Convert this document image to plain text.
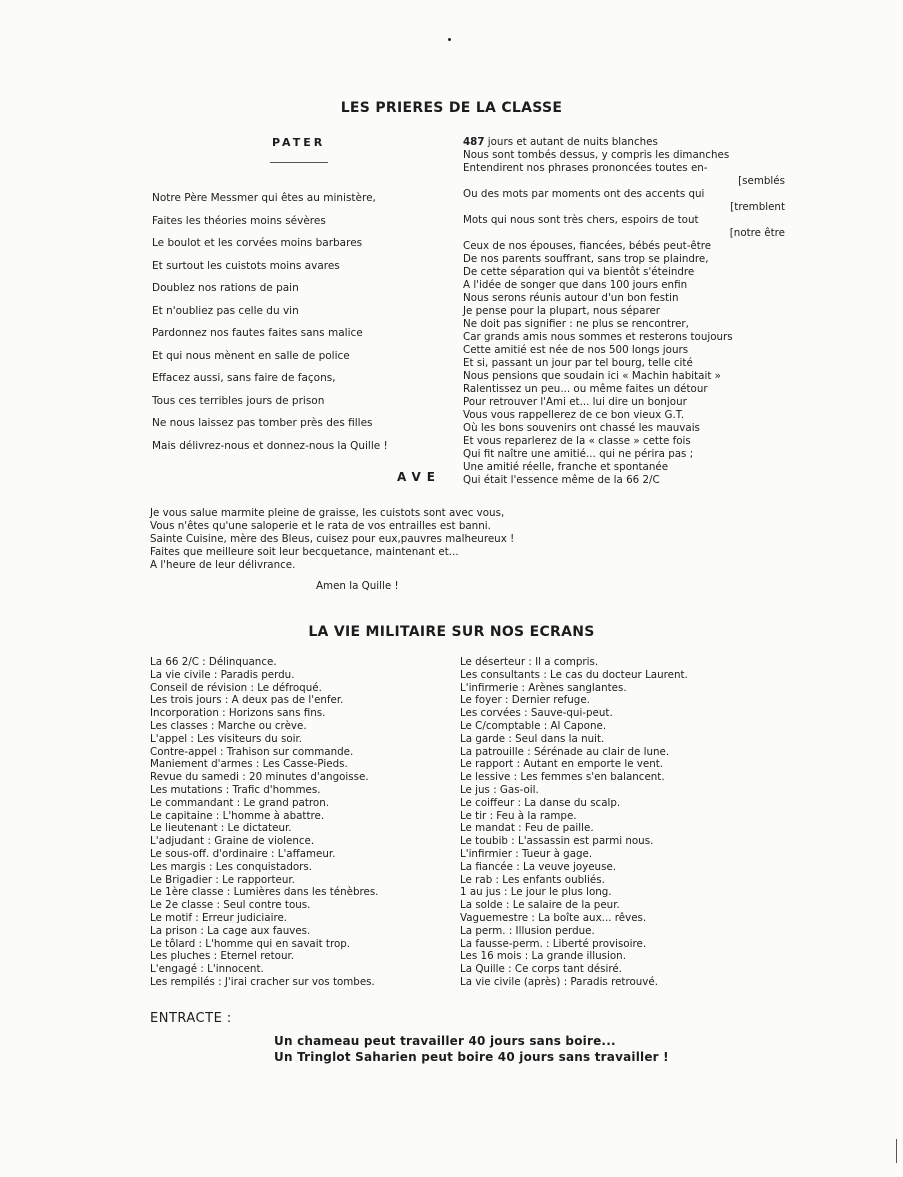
LES PRIERES DE LA CLASSE
PATER
Notre Père Messmer qui êtes au ministère,
Faites les théories moins sévères
Le boulot et les corvées moins barbares
Et surtout les cuistots moins avares
Doublez nos rations de pain
Et n'oubliez pas celle du vin
Pardonnez nos fautes faites sans malice
Et qui nous mènent en salle de police
Effacez aussi, sans faire de façons,
Tous ces terribles jours de prison
Ne nous laissez pas tomber près des filles
Mais délivrez-nous et donnez-nous la Quille !
487 jours et autant de nuits blanches
Nous sont tombés dessus, y compris les dimanches
Entendirent nos phrases prononcées toutes en-
[semblés
Ou des mots par moments ont des accents qui
[tremblent
Mots qui nous sont très chers, espoirs de tout
[notre être
Ceux de nos épouses, fiancées, bébés peut-être
De nos parents souffrant, sans trop se plaindre,
De cette séparation qui va bientôt s'éteindre
A l'idée de songer que dans 100 jours enfin
Nous serons réunis autour d'un bon festin
Je pense pour la plupart, nous séparer
Ne doit pas signifier : ne plus se rencontrer,
Car grands amis nous sommes et resterons toujours
Cette amitié est née de nos 500 longs jours
Et si, passant un jour par tel bourg, telle cité
Nous pensions que soudain ici « Machin habitait »
Ralentissez un peu... ou même faites un détour
Pour retrouver l'Ami et... lui dire un bonjour
Vous vous rappellerez de ce bon vieux G.T.
Où les bons souvenirs ont chassé les mauvais
Et vous reparlerez de la « classe » cette fois
Qui fit naître une amitié... qui ne périra pas ;
Une amitié réelle, franche et spontanée
Qui était l'essence même de la 66 2/C
AVE
Je vous salue marmite pleine de graisse, les cuistots sont avec vous,
Vous n'êtes qu'une saloperie et le rata de vos entrailles est banni.
Sainte Cuisine, mère des Bleus, cuisez pour eux,pauvres malheureux !
Faites que meilleure soit leur becquetance, maintenant et...
A l'heure de leur délivrance.
Amen la Quille !
LA VIE MILITAIRE SUR NOS ECRANS
La 66 2/C : Délinquance.
La vie civile : Paradis perdu.
Conseil de révision : Le défroqué.
Les trois jours : A deux pas de l'enfer.
Incorporation : Horizons sans fins.
Les classes : Marche ou crève.
L'appel : Les visiteurs du soir.
Contre-appel : Trahison sur commande.
Maniement d'armes : Les Casse-Pieds.
Revue du samedi : 20 minutes d'angoisse.
Les mutations : Trafic d'hommes.
Le commandant : Le grand patron.
Le capitaine : L'homme à abattre.
Le lieutenant : Le dictateur.
L'adjudant : Graine de violence.
Le sous-off. d'ordinaire : L'affameur.
Les margis : Les conquistadors.
Le Brigadier : Le rapporteur.
Le 1ère classe : Lumières dans les ténèbres.
Le 2e classe : Seul contre tous.
Le motif : Erreur judiciaire.
La prison : La cage aux fauves.
Le tôlard : L'homme qui en savait trop.
Les pluches : Eternel retour.
L'engagé : L'innocent.
Les rempilés : J'irai cracher sur vos tombes.
Le déserteur : Il a compris.
Les consultants : Le cas du docteur Laurent.
L'infirmerie : Arènes sanglantes.
Le foyer : Dernier refuge.
Les corvées : Sauve-qui-peut.
Le C/comptable : Al Capone.
La garde : Seul dans la nuit.
La patrouille : Sérénade au clair de lune.
Le rapport : Autant en emporte le vent.
Le lessive : Les femmes s'en balancent.
Le jus : Gas-oil.
Le coiffeur : La danse du scalp.
Le tir : Feu à la rampe.
Le mandat : Feu de paille.
Le toubib : L'assassin est parmi nous.
L'infirmier : Tueur à gage.
La fiancée : La veuve joyeuse.
Le rab : Les enfants oubliés.
1 au jus : Le jour le plus long.
La solde : Le salaire de la peur.
Vaguemestre : La boîte aux... rêves.
La perm. : Illusion perdue.
La fausse-perm. : Liberté provisoire.
Les 16 mois : La grande illusion.
La Quille : Ce corps tant désiré.
La vie civile (après) : Paradis retrouvé.
ENTRACTE :
Un chameau peut travailler 40 jours sans boire...
Un Tringlot Saharien peut boire 40 jours sans travailler !
